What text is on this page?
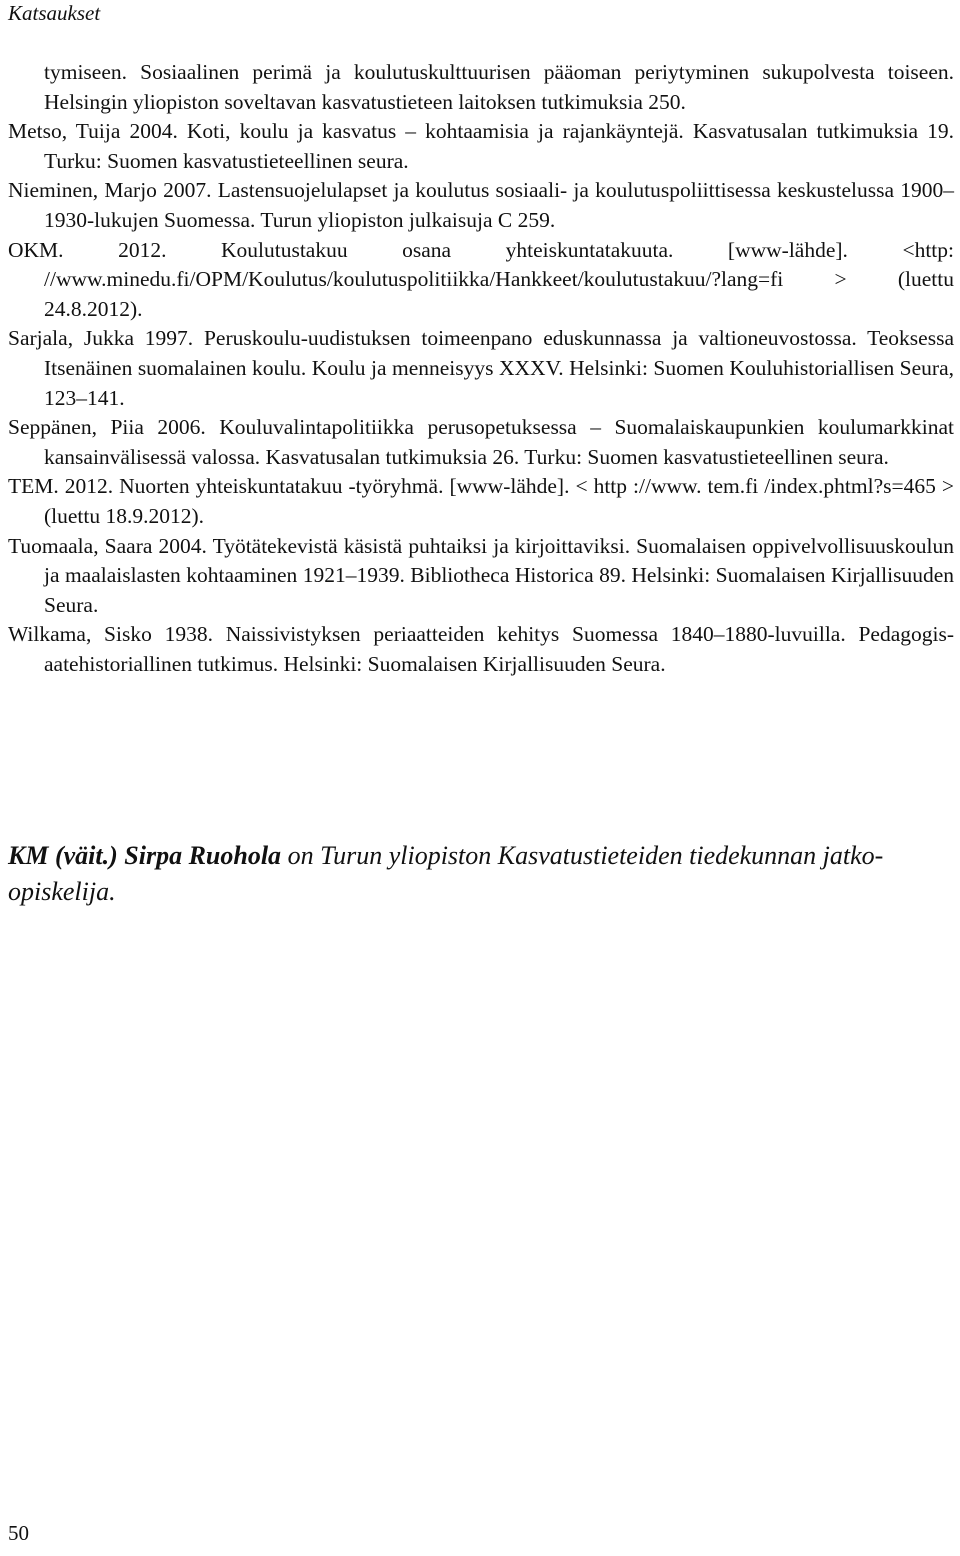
Katsaukset

tymiseen. Sosiaalinen perimä ja koulutuskulttuurisen pääoman periytyminen sukupolvesta toiseen. Helsingin yliopiston soveltavan kasvatustieteen laitoksen tutkimuksia 250.

Metso, Tuija 2004. Koti, koulu ja kasvatus – kohtaamisia ja rajankäyntejä. Kasvatusalan tutkimuksia 19. Turku: Suomen kasvatustieteellinen seura.

Nieminen, Marjo 2007. Lastensuojelulapset ja koulutus sosiaali- ja koulutuspoliittisessa keskustelussa 1900–1930-lukujen Suomessa. Turun yliopiston julkaisuja C 259.

OKM. 2012. Koulutustakuu osana yhteiskuntatakuuta. [www-lähde]. <http: //www.minedu.fi/OPM/Koulutus/koulutuspolitiikka/Hankkeet/koulutustakuu/?lang=fi > (luettu 24.8.2012).

Sarjala, Jukka 1997. Peruskoulu-uudistuksen toimeenpano eduskunnassa ja valtioneuvostossa. Teoksessa Itsenäinen suomalainen koulu. Koulu ja menneisyys XXXV. Helsinki: Suomen Kouluhistoriallisen Seura, 123–141.

Seppänen, Piia 2006. Kouluvalintapolitiikka perusopetuksessa – Suomalaiskaupunkien koulumarkkinat kansainvälisessä valossa. Kasvatusalan tutkimuksia 26. Turku: Suomen kasvatustieteellinen seura.

TEM. 2012. Nuorten yhteiskuntatakuu -työryhmä. [www-lähde]. < http ://www. tem.fi /index.phtml?s=465 > (luettu 18.9.2012).

Tuomaala, Saara 2004. Työtätekevistä käsistä puhtaiksi ja kirjoittaviksi. Suomalaisen oppivelvollisuuskoulun ja maalaislasten kohtaaminen 1921–1939. Bibliotheca Historica 89. Helsinki: Suomalaisen Kirjallisuuden Seura.

Wilkama, Sisko 1938. Naissivistyksen periaatteiden kehitys Suomessa 1840–1880-luvuilla. Pedagogis-aatehistoriallinen tutkimus. Helsinki: Suomalaisen Kirjallisuuden Seura.

KM (väit.) Sirpa Ruohola on Turun yliopiston Kasvatustieteiden tiedekunnan jatko-opiskelija.
50
